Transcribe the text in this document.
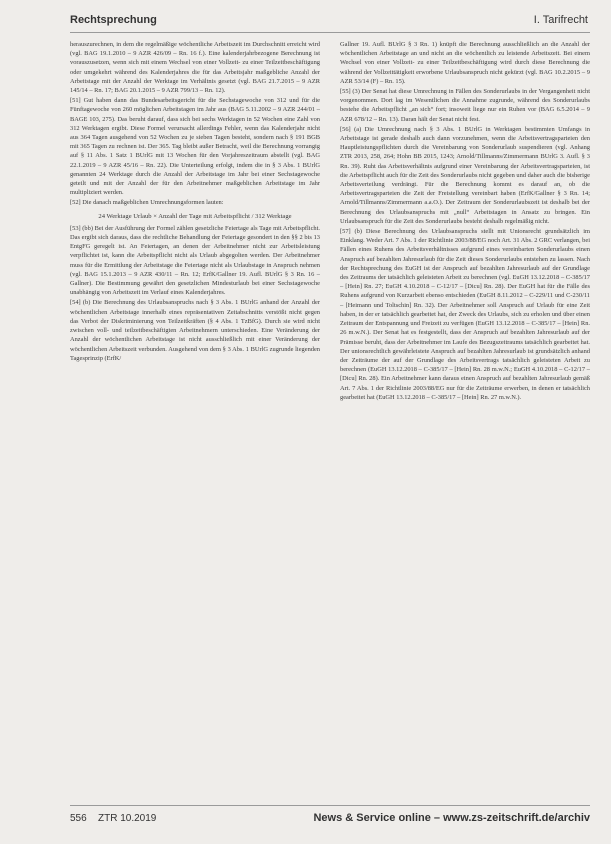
Rechtsprechung	I. Tarifrecht

herauszurechnen, in dem die regelmäßige wöchentliche Arbeitszeit im Durchschnitt erreicht wird (vgl. BAG 19.1.2010 – 9 AZR 426/09 – Rn. 16 f.). Eine kalenderjahrbezogene Berechnung ist vorauszusetzen, wenn sich mit einem Wechsel von einer Vollzeit- zu einer Teilzeitbeschäftigung oder umgekehrt während des Kalenderjahres die für das Arbeitsjahr maßgebliche Anzahl der Arbeitstage mit der Anzahl der Werktage im Verhältnis gesetzt (vgl. BAG 21.7.2015 – 9 AZR 145/14 – Rn. 17; BAG 20.1.2015 – 9 AZR 799/13 – Rn. 12).

[51] Gut haben dann das Bundesarbeitsgericht für die Sechstagewoche von 312 und für die Fünftagewoche von 260 möglichen Arbeitstagen im Jahr aus (BAG 5.11.2002 – 9 AZR 244/01 – BAGE 103, 275). Das beruht darauf, dass sich bei sechs Werktagen in 52 Wochen eine Zahl von 312 Werktagen ergibt. Diese Formel verursacht allerdings Fehler, wenn das Kalenderjahr nicht aus 364 Tagen ausgehend von 52 Wochen zu je sieben Tagen besteht, sondern nach § 191 BGB mit 365 Tagen zu rechnen ist. Der 365. Tag bleibt außer Betracht, weil die Berechnung vorrangig auf § 11 Abs. 1 Satz 1 BUrlG mit 13 Wochen für den Vorjahreszeitraum abstellt (vgl. BAG 22.1.2019 – 9 AZR 45/16 – Rn. 22). Die Unterteilung erfolgt, indem die in § 3 Abs. 1 BUrlG genannten 24 Werktage durch die Anzahl der Arbeitstage im Jahr bei einer Sechstagewoche geteilt und mit der Anzahl der für den Arbeitnehmer maßgeblichen Arbeitstage im Jahr multipliziert werden.

[52] Die danach maßgeblichen Umrechnungsformen lauten:

24 Werktage Urlaub × Anzahl der Tage mit Arbeitspflicht / 312 Werktage

[53] (bb) Bei der Ausführung der Formel zählen gesetzliche Feiertage als Tage mit Arbeitspflicht. Das ergibt sich daraus, dass die rechtliche Behandlung der Feiertage gesondert in den §§ 2 bis 13 EntgFG geregelt ist. An Feiertagen, an denen der Arbeitnehmer nicht zur Arbeitsleistung verpflichtet ist, kann die Arbeitspflicht nicht als Urlaub abgegolten werden. Der Arbeitnehmer muss für die Ermittlung der Arbeitstage die Feiertage nicht als Urlaubstage in Anspruch nehmen (vgl. BAG 15.1.2013 – 9 AZR 430/11 – Rn. 12; ErfK/Gallner 19. Aufl. BUrlG § 3 Rn. 16 – Gallner). Die Bestimmung gewährt den gesetzlichen Mindesturlaub bei einer Sechstagewoche unabhängig von Arbeitszeit im Verlauf eines Kalenderjahres.

[54] (b) Die Berechnung des Urlaubsanspruchs nach § 3 Abs. 1 BUrlG anhand der Anzahl der wöchentlichen Arbeitstage innerhalb eines repräsentativen Zeitabschnitts verstößt nicht gegen das Verbot der Diskriminierung von Teilzeitkräften (§ 4 Abs. 1 TzBfG). Durch sie wird nicht zwischen voll- und teilzeitbeschäftigten Arbeitnehmern unterschieden. Eine Veränderung der Anzahl der wöchentlichen Arbeitstage ist nicht ausschließlich mit einer Veränderung der wöchentlichen Arbeitszeit verbunden. Ausgehend von dem § 3 Abs. 1 BUrlG zugrunde liegenden Tagesprinzip (ErfK/

Gallner 19. Aufl. BUrlG § 3 Rn. 1) knüpft die Berechnung ausschließlich an die Anzahl der wöchentlichen Arbeitstage an und nicht an die wöchentlich zu leistende Arbeitszeit. Bei einem Wechsel von einer Vollzeit- zu einer Teilzeitbeschäftigung wird durch diese Berechnung die während der Vollzeittätigkeit erworbene Urlaubsanspruch nicht gekürzt (vgl. BAG 10.2.2015 – 9 AZR 53/14 (F) – Rn. 15).

[55] (3) Der Senat hat diese Umrechnung in Fällen des Sonderurlaubs in der Vergangenheit nicht vorgenommen. Dort lag im Wesentlichen die Annahme zugrunde, während des Sonderurlaubs bestehe die Arbeitspflicht „an sich“ fort; insoweit liege nur ein Ruhen vor (BAG 6.5.2014 – 9 AZR 678/12 – Rn. 13). Daran hält der Senat nicht fest.

[56] (a) Die Umrechnung nach § 3 Abs. 1 BUrlG in Werktagen bestimmten Umfangs in Arbeitstage ist gerade deshalb auch dann vorzunehmen, wenn die Arbeitsvertragsparteien den Hauptleistungspflichten durch die Vereinbarung von Sonderurlaub suspendieren (vgl. Anhang ZTR 2013, 258, 264; Hohn BB 2015, 1243; Arnold/Tillmanns/Zimmermann BUrlG 3. Aufl. § 3 Rn. 39). Ruht das Arbeitsverhältnis aufgrund einer Vereinbarung der Arbeitsvertragsparteien, ist die Arbeitspflicht auch für die Zeit des Sonderurlaubs nicht gegeben und daher auch die bisherige Arbeitsverteilung verdrängt. Für die Berechnung kommt es darauf an, ob die Arbeitsvertragsparteien die Zeit der Freistellung vereinbart haben (ErfK/Gallner § 3 Rn. 14; Arnold/Tillmanns/Zimmermann a.a.O.). Der Zeitraum der Sonderurlaubszeit ist deshalb bei der Berechnung des Urlaubsanspruchs mit „null“ Arbeitstagen in Ansatz zu bringen. Ein Urlaubsanspruch für die Zeit des Sonderurlaubs besteht deshalb regelmäßig nicht.

[57] (b) Diese Berechnung des Urlaubsanspruchs stellt mit Unionsrecht grundsätzlich im Einklang. Weder Art. 7 Abs. 1 der Richtlinie 2003/88/EG noch Art. 31 Abs. 2 GRC verlangen, bei Fällen eines Ruhens des Arbeitsverhältnisses aufgrund eines vereinbarten Sonderurlaubs einen Anspruch auf bezahlten Jahresurlaub für die Zeit dieses Sonderurlaubs entstehen zu lassen. Nach der Rechtsprechung des EuGH ist der Anspruch auf bezahlten Jahresurlaub auf der Grundlage des Zeitraums der tatsächlich geleisteten Arbeit zu berechnen (vgl. EuGH 13.12.2018 – C-385/17 – [Hein] Rn. 27; EuGH 4.10.2018 – C-12/17 – [Dicu] Rn. 28). Der EuGH hat für die Fälle des Ruhens aufgrund von Kurzarbeit ebenso entschieden (EuGH 8.11.2012 – C-229/11 und C-230/11 – [Heimann und Toltschin] Rn. 32). Der Arbeitnehmer soll Anspruch auf Urlaub für eine Zeit haben, in der er tatsächlich gearbeitet hat, der Zweck des Urlaubs, sich zu erholen und über einen Zeitraum der Entspannung und Freizeit zu verfügen (EuGH 13.12.2018 – C-385/17 – [Hein] Rn. 26 m.w.N.). Der Senat hat es festgestellt, dass der Anspruch auf bezahlten Jahresurlaub auf der Prämisse beruht, dass der Arbeitnehmer im Laufe des Bezugszeitraums tatsächlich gearbeitet hat. Der unionsrechtlich gewährleistete Anspruch auf bezahlten Jahresurlaub ist grundsätzlich anhand der Zeiträume der auf der Grundlage des Arbeitsvertrags tatsächlich geleisteten Arbeit zu berechnen (EuGH 13.12.2018 – C-385/17 – [Hein] Rn. 28 m.w.N.; EuGH 4.10.2018 – C-12/17 – [Dicu] Rn. 28). Ein Arbeitnehmer kann daraus einen Anspruch auf bezahlten Jahresurlaub gemäß Art. 7 Abs. 1 der Richtlinie 2003/88/EG nur für die Zeiträume erwerben, in denen er tatsächlich gearbeitet hat (EuGH 13.12.2018 – C-385/17 – [Hein] Rn. 27 m.w.N.).

556 ZTR 10.2019	News & Service online – www.zs-zeitschrift.de/archiv
